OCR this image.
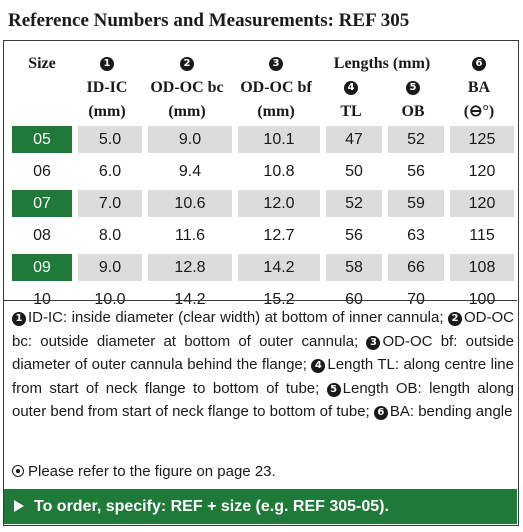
Reference Numbers and Measurements: REF 305
Size	1	2	3	Lengths (mm)		6
	ID-IC	OD-OC bc	OD-OC bf	4	5	BA
	(mm)	(mm)	(mm)	TL	OB	(⊖°)
05	5.0	9.0	10.1	47	52	125
06	6.0	9.4	10.8	50	56	120
07	7.0	10.6	12.0	52	59	120
08	8.0	11.6	12.7	56	63	115
09	9.0	12.8	14.2	58	66	108
10	10.0	14.2	15.2	60	70	100

1 ID-IC: inside diameter (clear width) at bottom of inner cannula; 2 OD-OC bc: outside diameter at bottom of outer cannula; 3 OD-OC bf: outside diameter of outer cannula behind the flange; 4 Length TL: along centre line from start of neck flange to bottom of tube; 5 Length OB: length along outer bend from start of neck flange to bottom of tube; 6 BA: bending angle

Please refer to the figure on page 23.
To order, specify: REF + size (e.g. REF 305-05).
